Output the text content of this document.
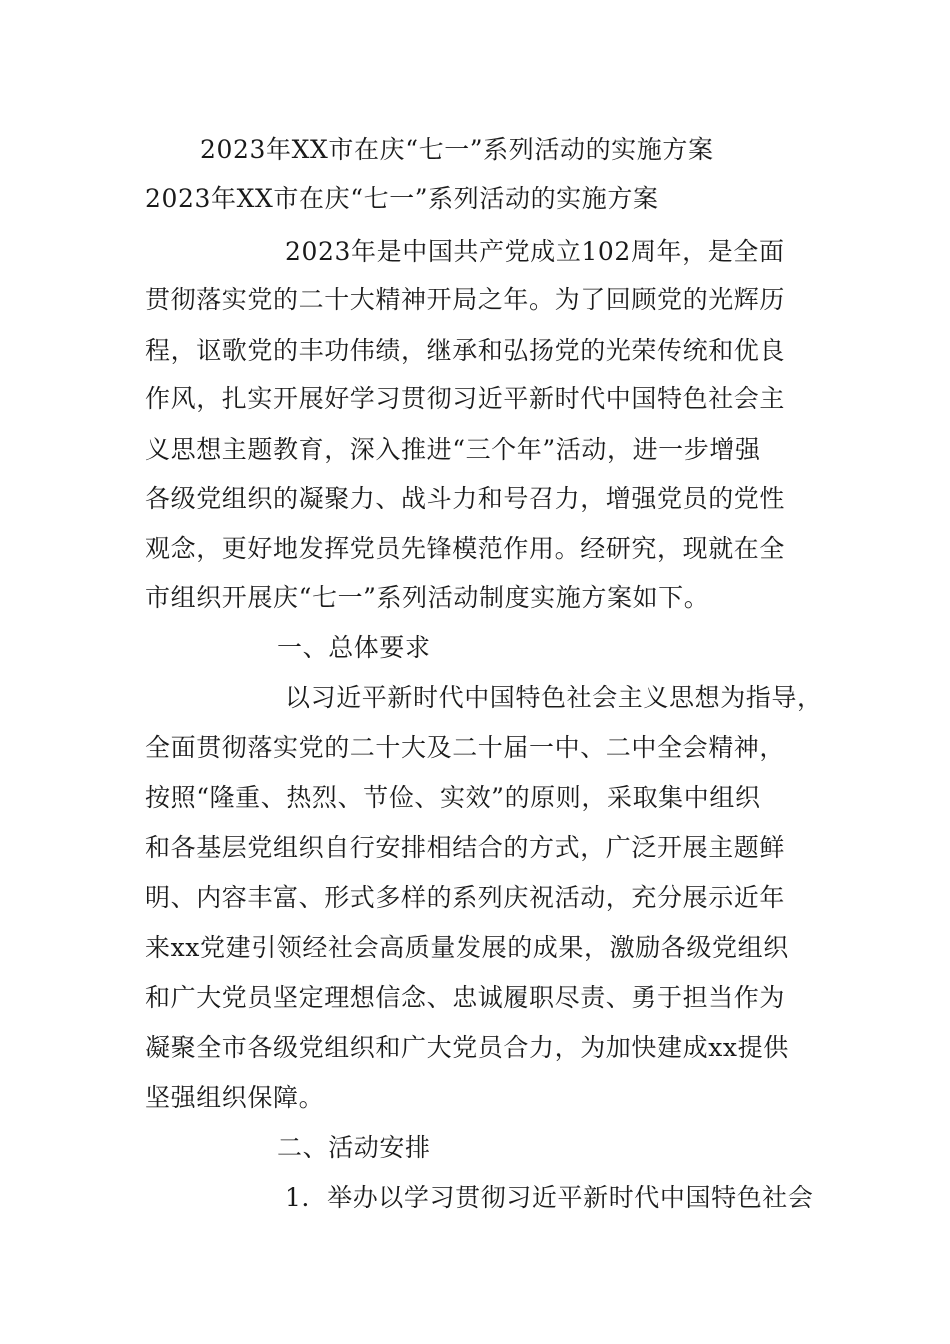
2023年XX市在庆“七一”系列活动的实施方案
2023年XX市在庆“七一”系列活动的实施方案
2023年是中国共产党成立102周年，是全面
贯彻落实党的二十大精神开局之年。为了回顾党的光辉历
程，讴歌党的丰功伟绩，继承和弘扬党的光荣传统和优良
作风，扎实开展好学习贯彻习近平新时代中国特色社会主
义思想主题教育，深入推进“三个年”活动，进一步增强
各级党组织的凝聚力、战斗力和号召力，增强党员的党性
观念，更好地发挥党员先锋模范作用。经研究，现就在全
市组织开展庆“七一”系列活动制度实施方案如下。
一、总体要求
以习近平新时代中国特色社会主义思想为指导，
全面贯彻落实党的二十大及二十届一中、二中全会精神，
按照“隆重、热烈、节俭、实效”的原则，采取集中组织
和各基层党组织自行安排相结合的方式，广泛开展主题鲜
明、内容丰富、形式多样的系列庆祝活动，充分展示近年
来xx党建引领经社会高质量发展的成果，激励各级党组织
和广大党员坚定理想信念、忠诚履职尽责、勇于担当作为
凝聚全市各级党组织和广大党员合力，为加快建成xx提供
坚强组织保障。
二、活动安排
1．举办以学习贯彻习近平新时代中国特色社会
